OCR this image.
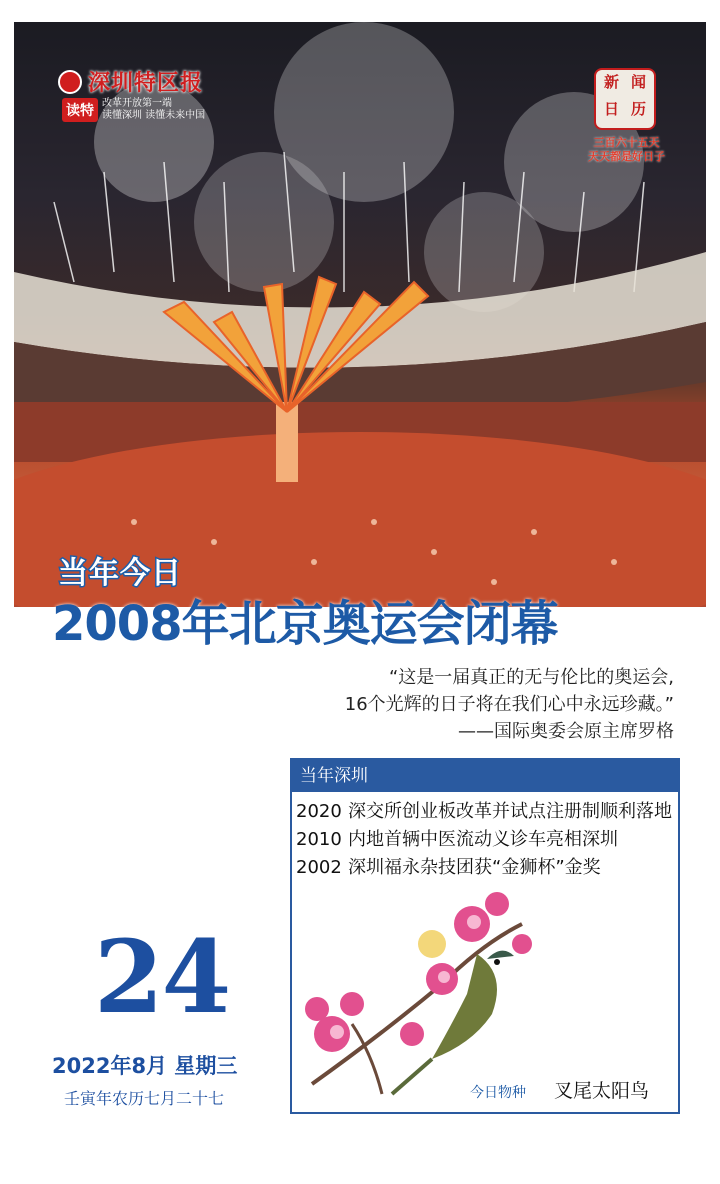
深圳特区报
读特 改革开放第一端
读懂深圳 读懂未来中国
新 闻
日 历
三百六十五天
天天都是好日子
当年今日
2008年北京奥运会闭幕
“这是一届真正的无与伦比的奥运会,
16个光辉的日子将在我们心中永远珍藏。”
——国际奥委会原主席罗格
当年深圳
2020 深交所创业板改革并试点注册制顺利落地
2010 内地首辆中医流动义诊车亮相深圳
2002 深圳福永杂技团获“金狮杯”金奖
今日物种 叉尾太阳鸟
24
2022年8月 星期三
壬寅年农历七月二十七
